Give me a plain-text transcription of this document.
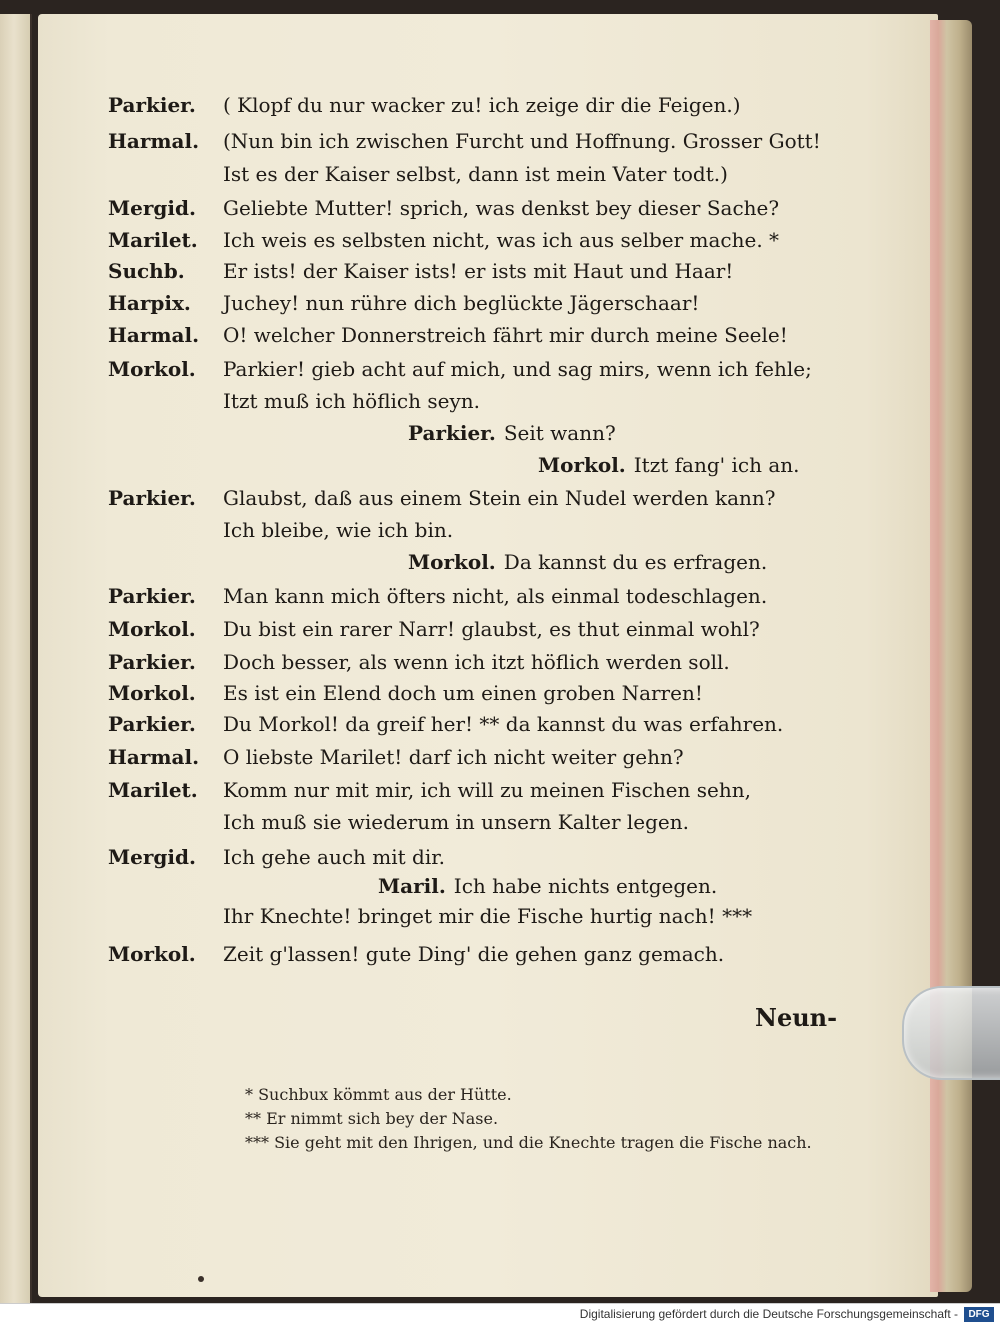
Parkier.	( Klopf du nur wacker zu! ich zeige dir die Feigen.)
Harmal.	(Nun bin ich zwischen Furcht und Hoffnung. Grosser Gott!
Ist es der Kaiser selbst, dann ist mein Vater todt.)
Mergid.	Geliebte Mutter! sprich, was denkst bey dieser Sache?
Marilet.	Ich weis es selbsten nicht, was ich aus selber mache. *
Suchb.	Er ists! der Kaiser ists! er ists mit Haut und Haar!
Harpix.	Juchey! nun rühre dich beglückte Jägerschaar!
Harmal.	O! welcher Donnerstreich fährt mir durch meine Seele!
Morkol.	Parkier! gieb acht auf mich, und sag mirs, wenn ich fehle;
Itzt muß ich höflich seyn.
Parkier. Seit wann?
Morkol. Itzt fang' ich an.
Parkier.	Glaubst, daß aus einem Stein ein Nudel werden kann?
Ich bleibe, wie ich bin.
Morkol. Da kannst du es erfragen.
Parkier.	Man kann mich öfters nicht, als einmal todeschlagen.
Morkol.	Du bist ein rarer Narr! glaubst, es thut einmal wohl?
Parkier.	Doch besser, als wenn ich itzt höflich werden soll.
Morkol.	Es ist ein Elend doch um einen groben Narren!
Parkier.	Du Morkol! da greif her! ** da kannst du was erfahren.
Harmal.	O liebste Marilet! darf ich nicht weiter gehn?
Marilet.	Komm nur mit mir, ich will zu meinen Fischen sehn,
Ich muß sie wiederum in unsern Kalter legen.
Mergid.	Ich gehe auch mit dir.
Maril. Ich habe nichts entgegen.
Ihr Knechte! bringet mir die Fische hurtig nach! ***
Morkol.	Zeit g'lassen! gute Ding' die gehen ganz gemach.
Neun-
* Suchbux kömmt aus der Hütte.
** Er nimmt sich bey der Nase.
*** Sie geht mit den Ihrigen, und die Knechte tragen die Fische nach.
Digitalisierung gefördert durch die Deutsche Forschungsgemeinschaft -	DFG
